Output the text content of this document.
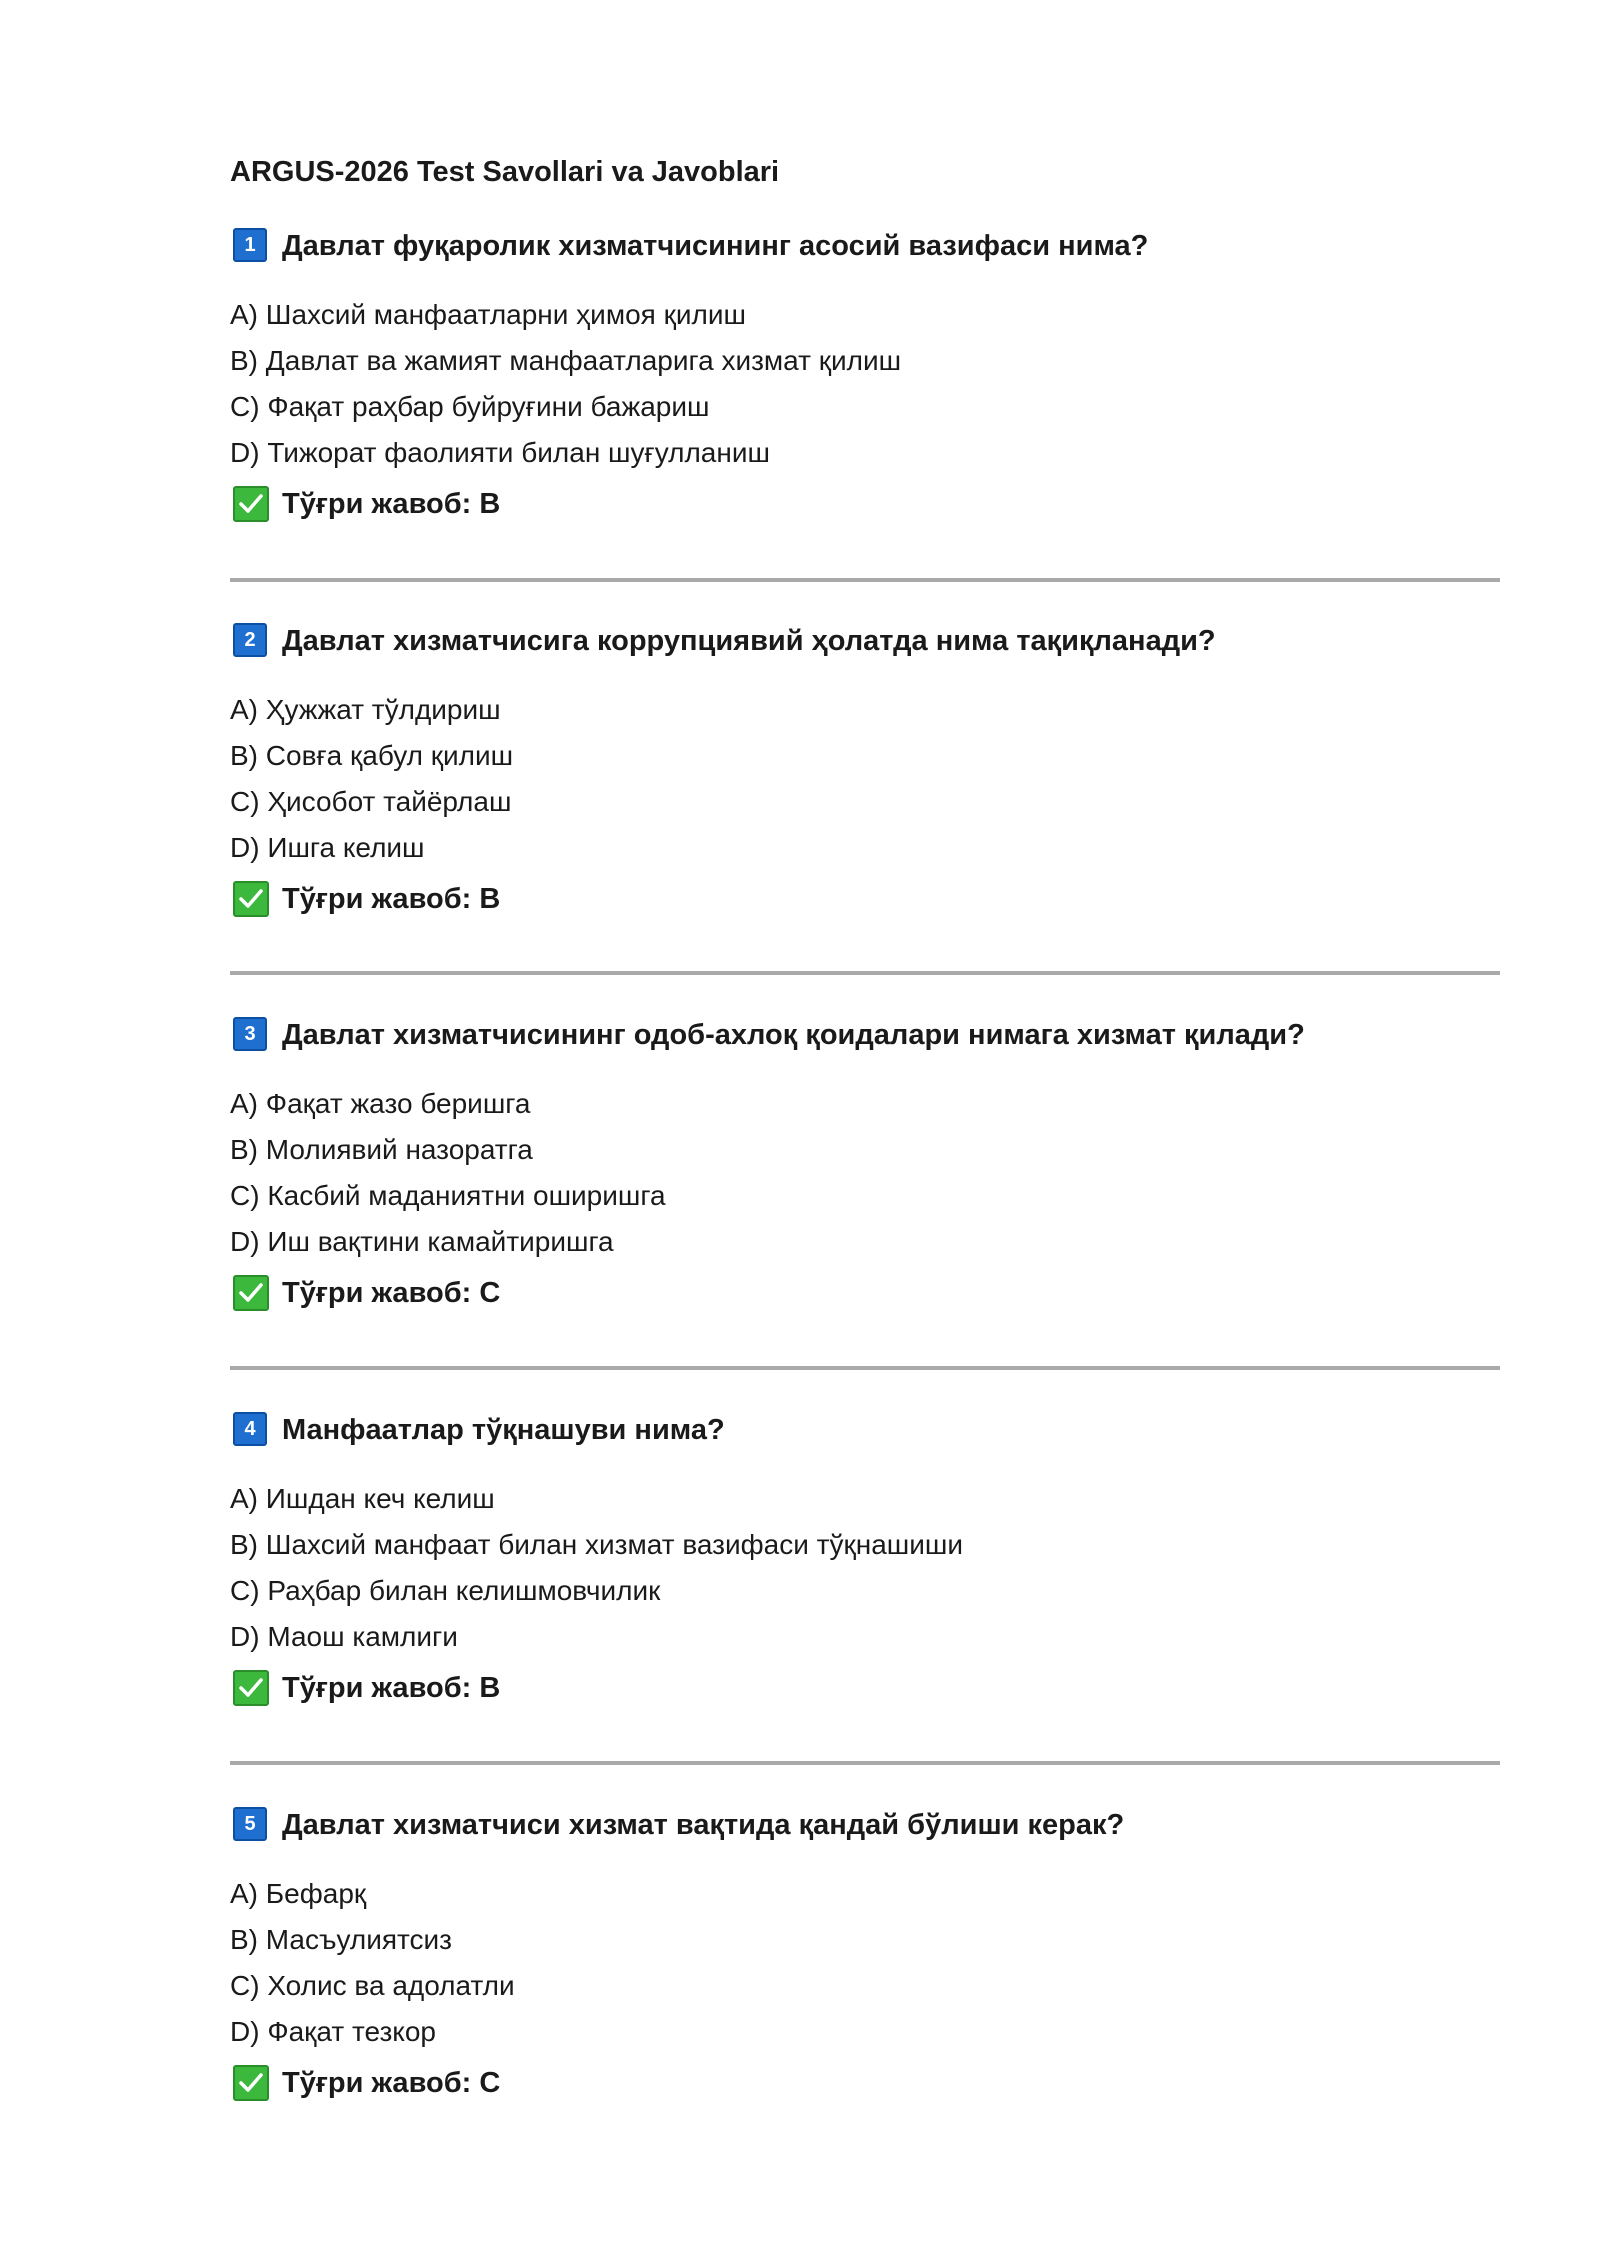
ARGUS-2026 Test Savollari va Javoblari
1 Давлат фуқаролик хизматчисининг асосий вазифаси нима?
A) Шахсий манфаатларни ҳимоя қилиш
B) Давлат ва жамият манфаатларига хизмат қилиш
C) Фақат раҳбар буйруғини бажариш
D) Тижорат фаолияти билан шуғулланиш
Тўғри жавоб: B
2 Давлат хизматчисига коррупциявий ҳолатда нима тақиқланади?
A) Ҳужжат тўлдириш
B) Совға қабул қилиш
C) Ҳисобот тайёрлаш
D) Ишга келиш
Тўғри жавоб: B
3 Давлат хизматчисининг одоб-ахлоқ қоидалари нимага хизмат қилади?
A) Фақат жазо беришга
B) Молиявий назоратга
C) Касбий маданиятни оширишга
D) Иш вақтини камайтиришга
Тўғри жавоб: C
4 Манфаатлар тўқнашуви нима?
A) Ишдан кеч келиш
B) Шахсий манфаат билан хизмат вазифаси тўқнашиши
C) Раҳбар билан келишмовчилик
D) Маош камлиги
Тўғри жавоб: B
5 Давлат хизматчиси хизмат вақтида қандай бўлиши керак?
A) Бефарқ
B) Масъулиятсиз
C) Холис ва адолатли
D) Фақат тезкор
Тўғри жавоб: C
